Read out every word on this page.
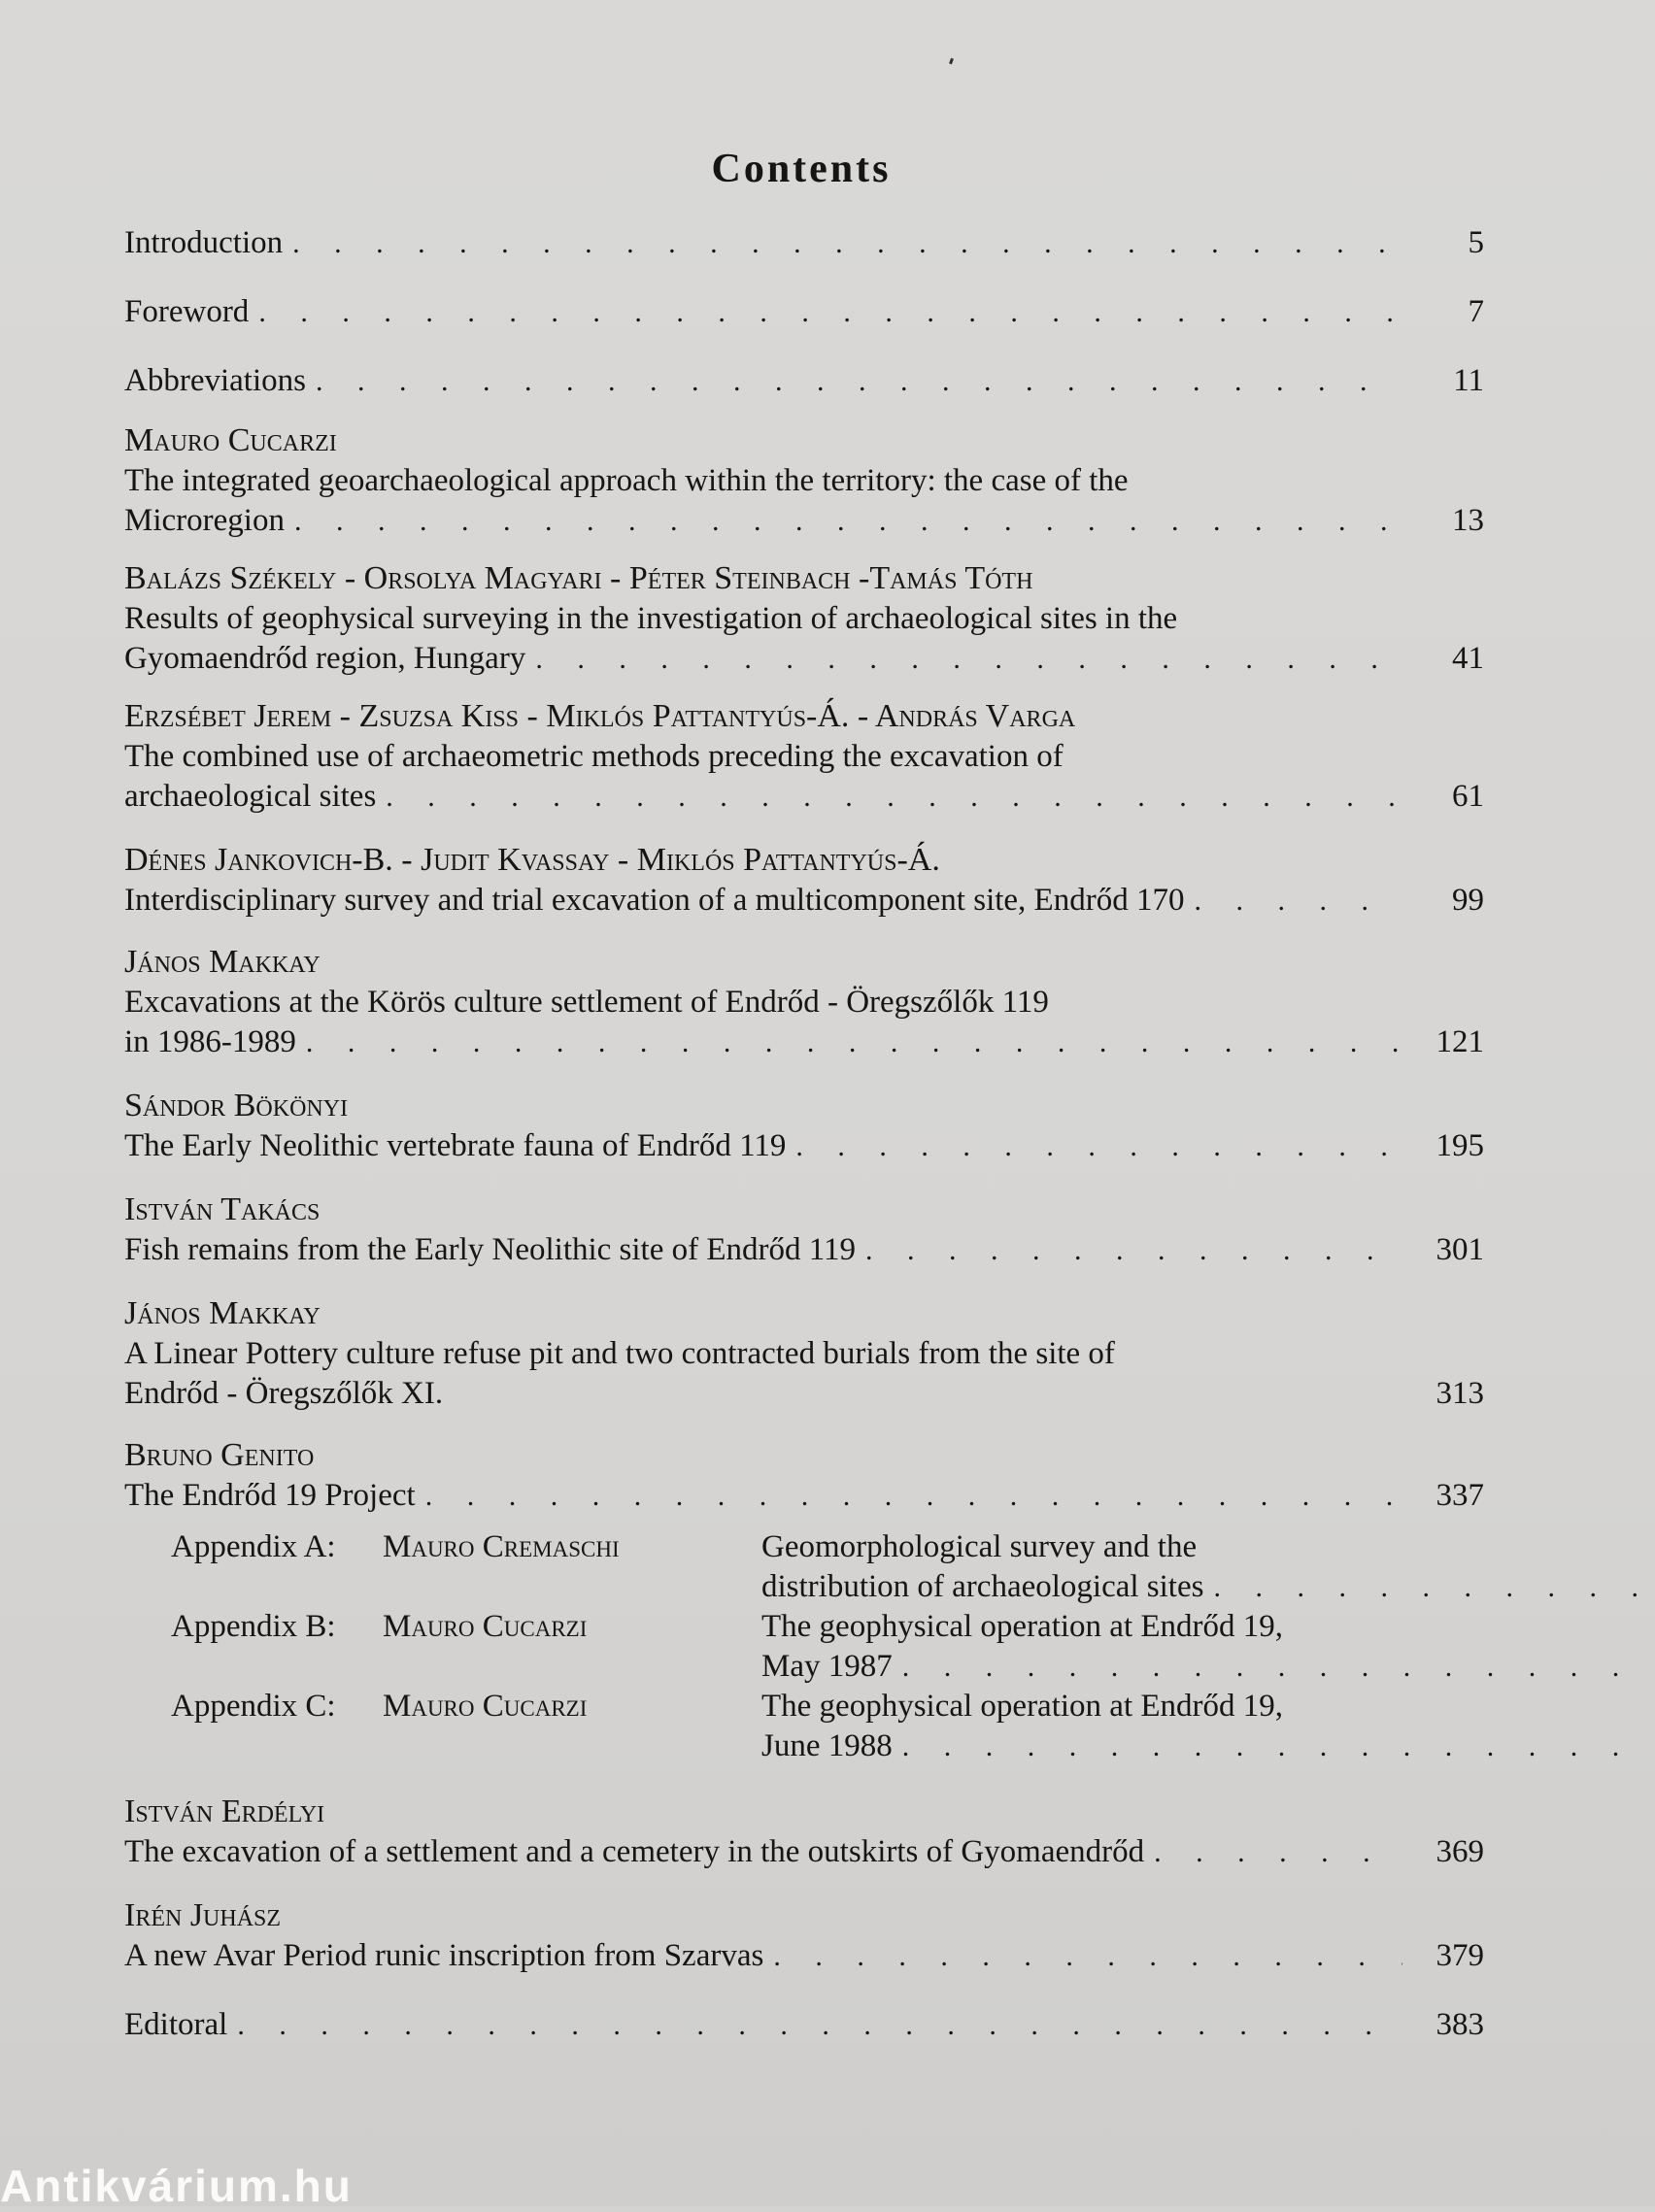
Contents
Introduction . . .	5
Foreword . . .	7
Abbreviations . . .	11
Mauro Cucarzi
The integrated geoarchaeological approach within the territory: the case of the
Microregion . . .	13
Balázs Székely - Orsolya Magyari - Péter Steinbach -Tamás Tóth
Results of geophysical surveying in the investigation of archaeological sites in the
Gyomaendrőd region, Hungary . . .	41
Erzsébet Jerem - Zsuzsa Kiss - Miklós Pattantyús-Á. - András Varga
The combined use of archaeometric methods preceding the excavation of
archaeological sites . . .	61
Dénes Jankovich-B. - Judit Kvassay - Miklós Pattantyús-Á.
Interdisciplinary survey and trial excavation of a multicomponent site, Endrőd 170 . . .	99
János Makkay
Excavations at the Körös culture settlement of Endrőd - Öregszőlők 119
in 1986-1989 . . .	121
Sándor Bökönyi
The Early Neolithic vertebrate fauna of Endrőd 119 . . .	195
István Takács
Fish remains from the Early Neolithic site of Endrőd 119 . . .	301
János Makkay
A Linear Pottery culture refuse pit and two contracted burials from the site of
Endrőd - Öregszőlők XI.	313
Bruno Genito
The Endrőd 19 Project . . .	337
Appendix A:	Mauro Cremaschi	Geomorphological survey and the
distribution of archaeological sites
. . .
Appendix B:	Mauro Cucarzi	The geophysical operation at Endrőd 19,
May 1987
. . .
Appendix C:	Mauro Cucarzi	The geophysical operation at Endrőd 19,
June 1988
. . .
István Erdélyi
The excavation of a settlement and a cemetery in the outskirts of Gyomaendrőd . . .	369
Irén Juhász
A new Avar Period runic inscription from Szarvas . . .	379
Editoral . . .	383
Antikvárium.hu
